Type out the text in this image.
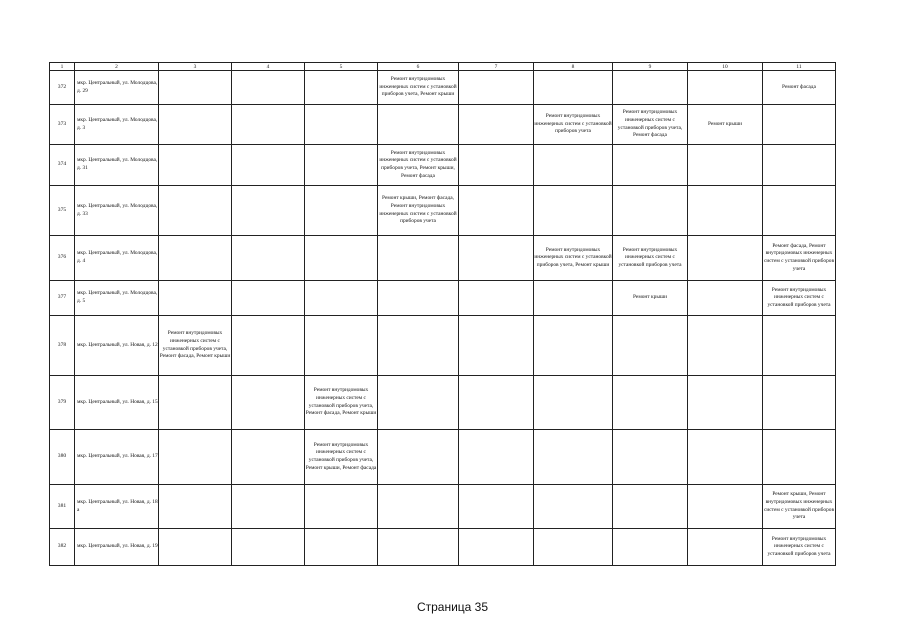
1	2	3	4	5	6	7	8	9	10	11
372	мкр. Центральный, ул. Молодцова, д. 29				Ремонт внутридомовых инженерных систем с установкой приборов учета, Ремонт крыши					Ремонт фасада
373	мкр. Центральный, ул. Молодцова, д. 3						Ремонт внутридомовых инженерных систем с установкой приборов учета	Ремонт внутридомовых инженерных систем с установкой приборов учета, Ремонт фасада	Ремонт крыши	
374	мкр. Центральный, ул. Молодцова, д. 31				Ремонт внутридомовых инженерных систем с установкой приборов учета, Ремонт крыши, Ремонт фасада					
375	мкр. Центральный, ул. Молодцова, д. 33				Ремонт крыши, Ремонт фасада, Ремонт внутридомовых инженерных систем с установкой приборов учета					
376	мкр. Центральный, ул. Молодцова, д. 4						Ремонт внутридомовых инженерных систем с установкой приборов учета, Ремонт крыши	Ремонт внутридомовых инженерных систем с установкой приборов учета		Ремонт фасада, Ремонт внутридомовых инженерных систем с установкой приборов учета
377	мкр. Центральный, ул. Молодцова, д. 5							Ремонт крыши		Ремонт внутридомовых инженерных систем с установкой приборов учета
378	мкр. Центральный, ул. Новая, д. 12	Ремонт внутридомовых инженерных систем с установкой приборов учета, Ремонт фасада, Ремонт крыши								
379	мкр. Центральный, ул. Новая, д. 15			Ремонт внутридомовых инженерных систем с установкой приборов учета, Ремонт фасада, Ремонт крыши						
380	мкр. Центральный, ул. Новая, д. 17			Ремонт внутридомовых инженерных систем с установкой приборов учета, Ремонт крыши, Ремонт фасада						
381	мкр. Центральный, ул. Новая, д. 18 а									Ремонт крыши, Ремонт внутридомовых инженерных систем с установкой приборов учета
382	мкр. Центральный, ул. Новая, д. 19									Ремонт внутридомовых инженерных систем с установкой приборов учета
Страница 35
